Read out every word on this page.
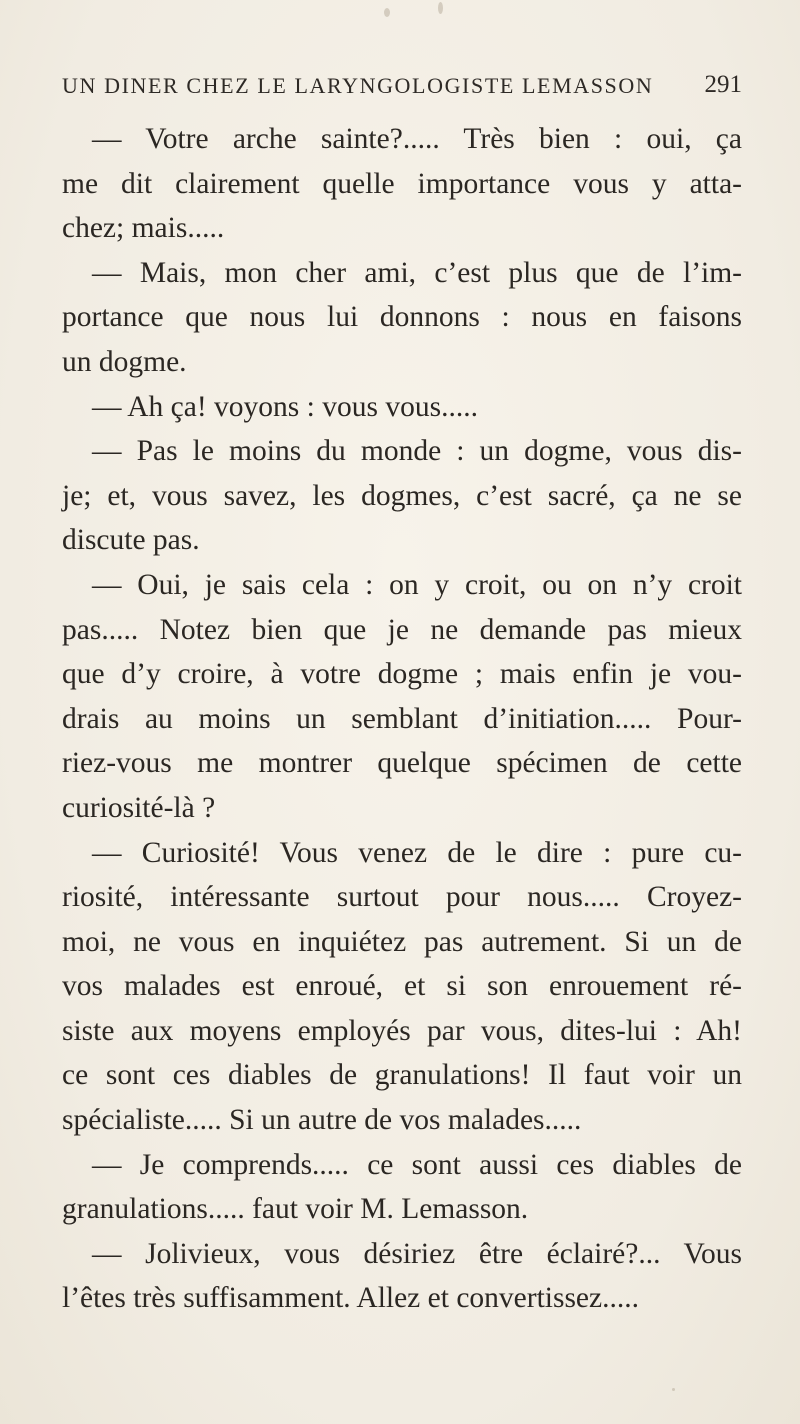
UN DINER CHEZ LE LARYNGOLOGISTE LEMASSON 291
— Votre arche sainte?..... Très bien : oui, ça
me dit clairement quelle importance vous y atta-
chez; mais.....
— Mais, mon cher ami, c’est plus que de l’im-
portance que nous lui donnons : nous en faisons
un dogme.
— Ah ça! voyons : vous vous.....
— Pas le moins du monde : un dogme, vous dis-
je; et, vous savez, les dogmes, c’est sacré, ça ne se
discute pas.
— Oui, je sais cela : on y croit, ou on n’y croit
pas..... Notez bien que je ne demande pas mieux
que d’y croire, à votre dogme ; mais enfin je vou-
drais au moins un semblant d’initiation..... Pour-
riez-vous me montrer quelque spécimen de cette
curiosité-là ?
— Curiosité! Vous venez de le dire : pure cu-
riosité, intéressante surtout pour nous..... Croyez-
moi, ne vous en inquiétez pas autrement. Si un de
vos malades est enroué, et si son enrouement ré-
siste aux moyens employés par vous, dites-lui : Ah!
ce sont ces diables de granulations! Il faut voir un
spécialiste..... Si un autre de vos malades.....
— Je comprends..... ce sont aussi ces diables de
granulations..... faut voir M. Lemasson.
— Jolivieux, vous désiriez être éclairé?... Vous
l’êtes très suffisamment. Allez et convertissez.....
